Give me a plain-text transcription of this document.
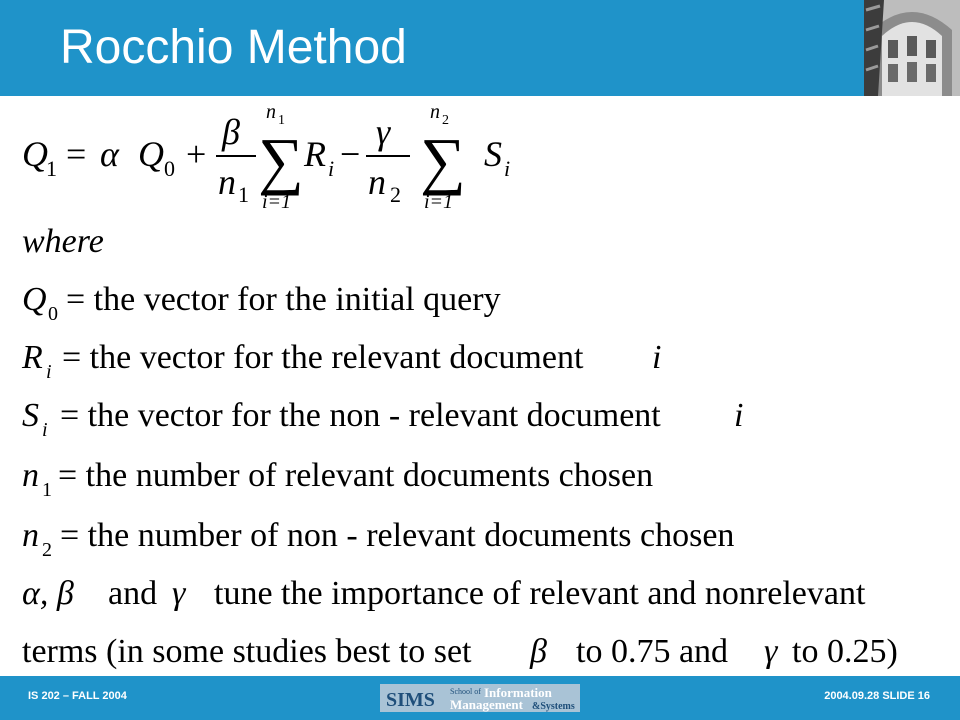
Rocchio Method
Q
1 = α Q 0 +
β
n 1
n 1
∑
i=1
R i −
γ
n 2
n 2
∑
i=1
S i
where
Q 0 = the vector for the initial query
R i = the vector for the relevant document i
S i = the vector for the non - relevant document i
n 1 = the number of relevant documents chosen
n 2 = the number of non - relevant documents chosen
α, β and γ tune the importance of relevant and nonrelevant
terms (in some studies best to set β to 0.75 and γ to 0.25)
IS 202 – FALL 2004	SIMS School of Information
Management &Systems
2004.09.28 SLIDE 16
